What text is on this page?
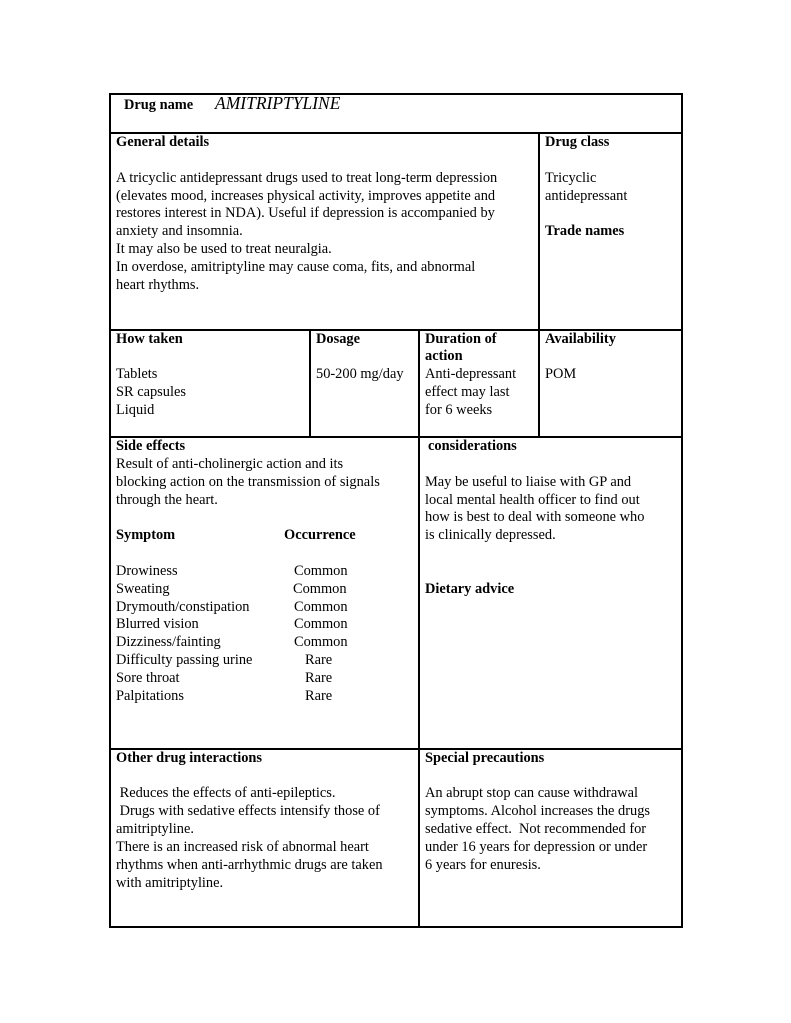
Drug name AMITRIPTYLINE
General details
A tricyclic antidepressant drugs used to treat long-term depression
(elevates mood, increases physical activity, improves appetite and
restores interest in NDA). Useful if depression is accompanied by
anxiety and insomnia.
It may also be used to treat neuralgia.
In overdose, amitriptyline may cause coma, fits, and abnormal
heart rhythms.
Drug class
Tricyclic
antidepressant
Trade names
How taken
Tablets
SR capsules
Liquid
Dosage
50-200 mg/day
Duration of
action
Anti-depressant
effect may last
for 6 weeks
Availability
POM
Side effects
Result of anti-cholinergic action and its
blocking action on the transmission of signals
through the heart.
Symptom	Occurrence
Drowiness	Common
Sweating	Common
Drymouth/constipation	Common
Blurred vision	Common
Dizziness/fainting	Common
Difficulty passing urine	Rare
Sore throat	Rare
Palpitations	Rare
considerations
May be useful to liaise with GP and
local mental health officer to find out
how is best to deal with someone who
is clinically depressed.
Dietary advice
Other drug interactions
Reduces the effects of anti-epileptics.
Drugs with sedative effects intensify those of
amitriptyline.
There is an increased risk of abnormal heart
rhythms when anti-arrhythmic drugs are taken
with amitriptyline.
Special precautions
An abrupt stop can cause withdrawal
symptoms. Alcohol increases the drugs
sedative effect.  Not recommended for
under 16 years for depression or under
6 years for enuresis.
